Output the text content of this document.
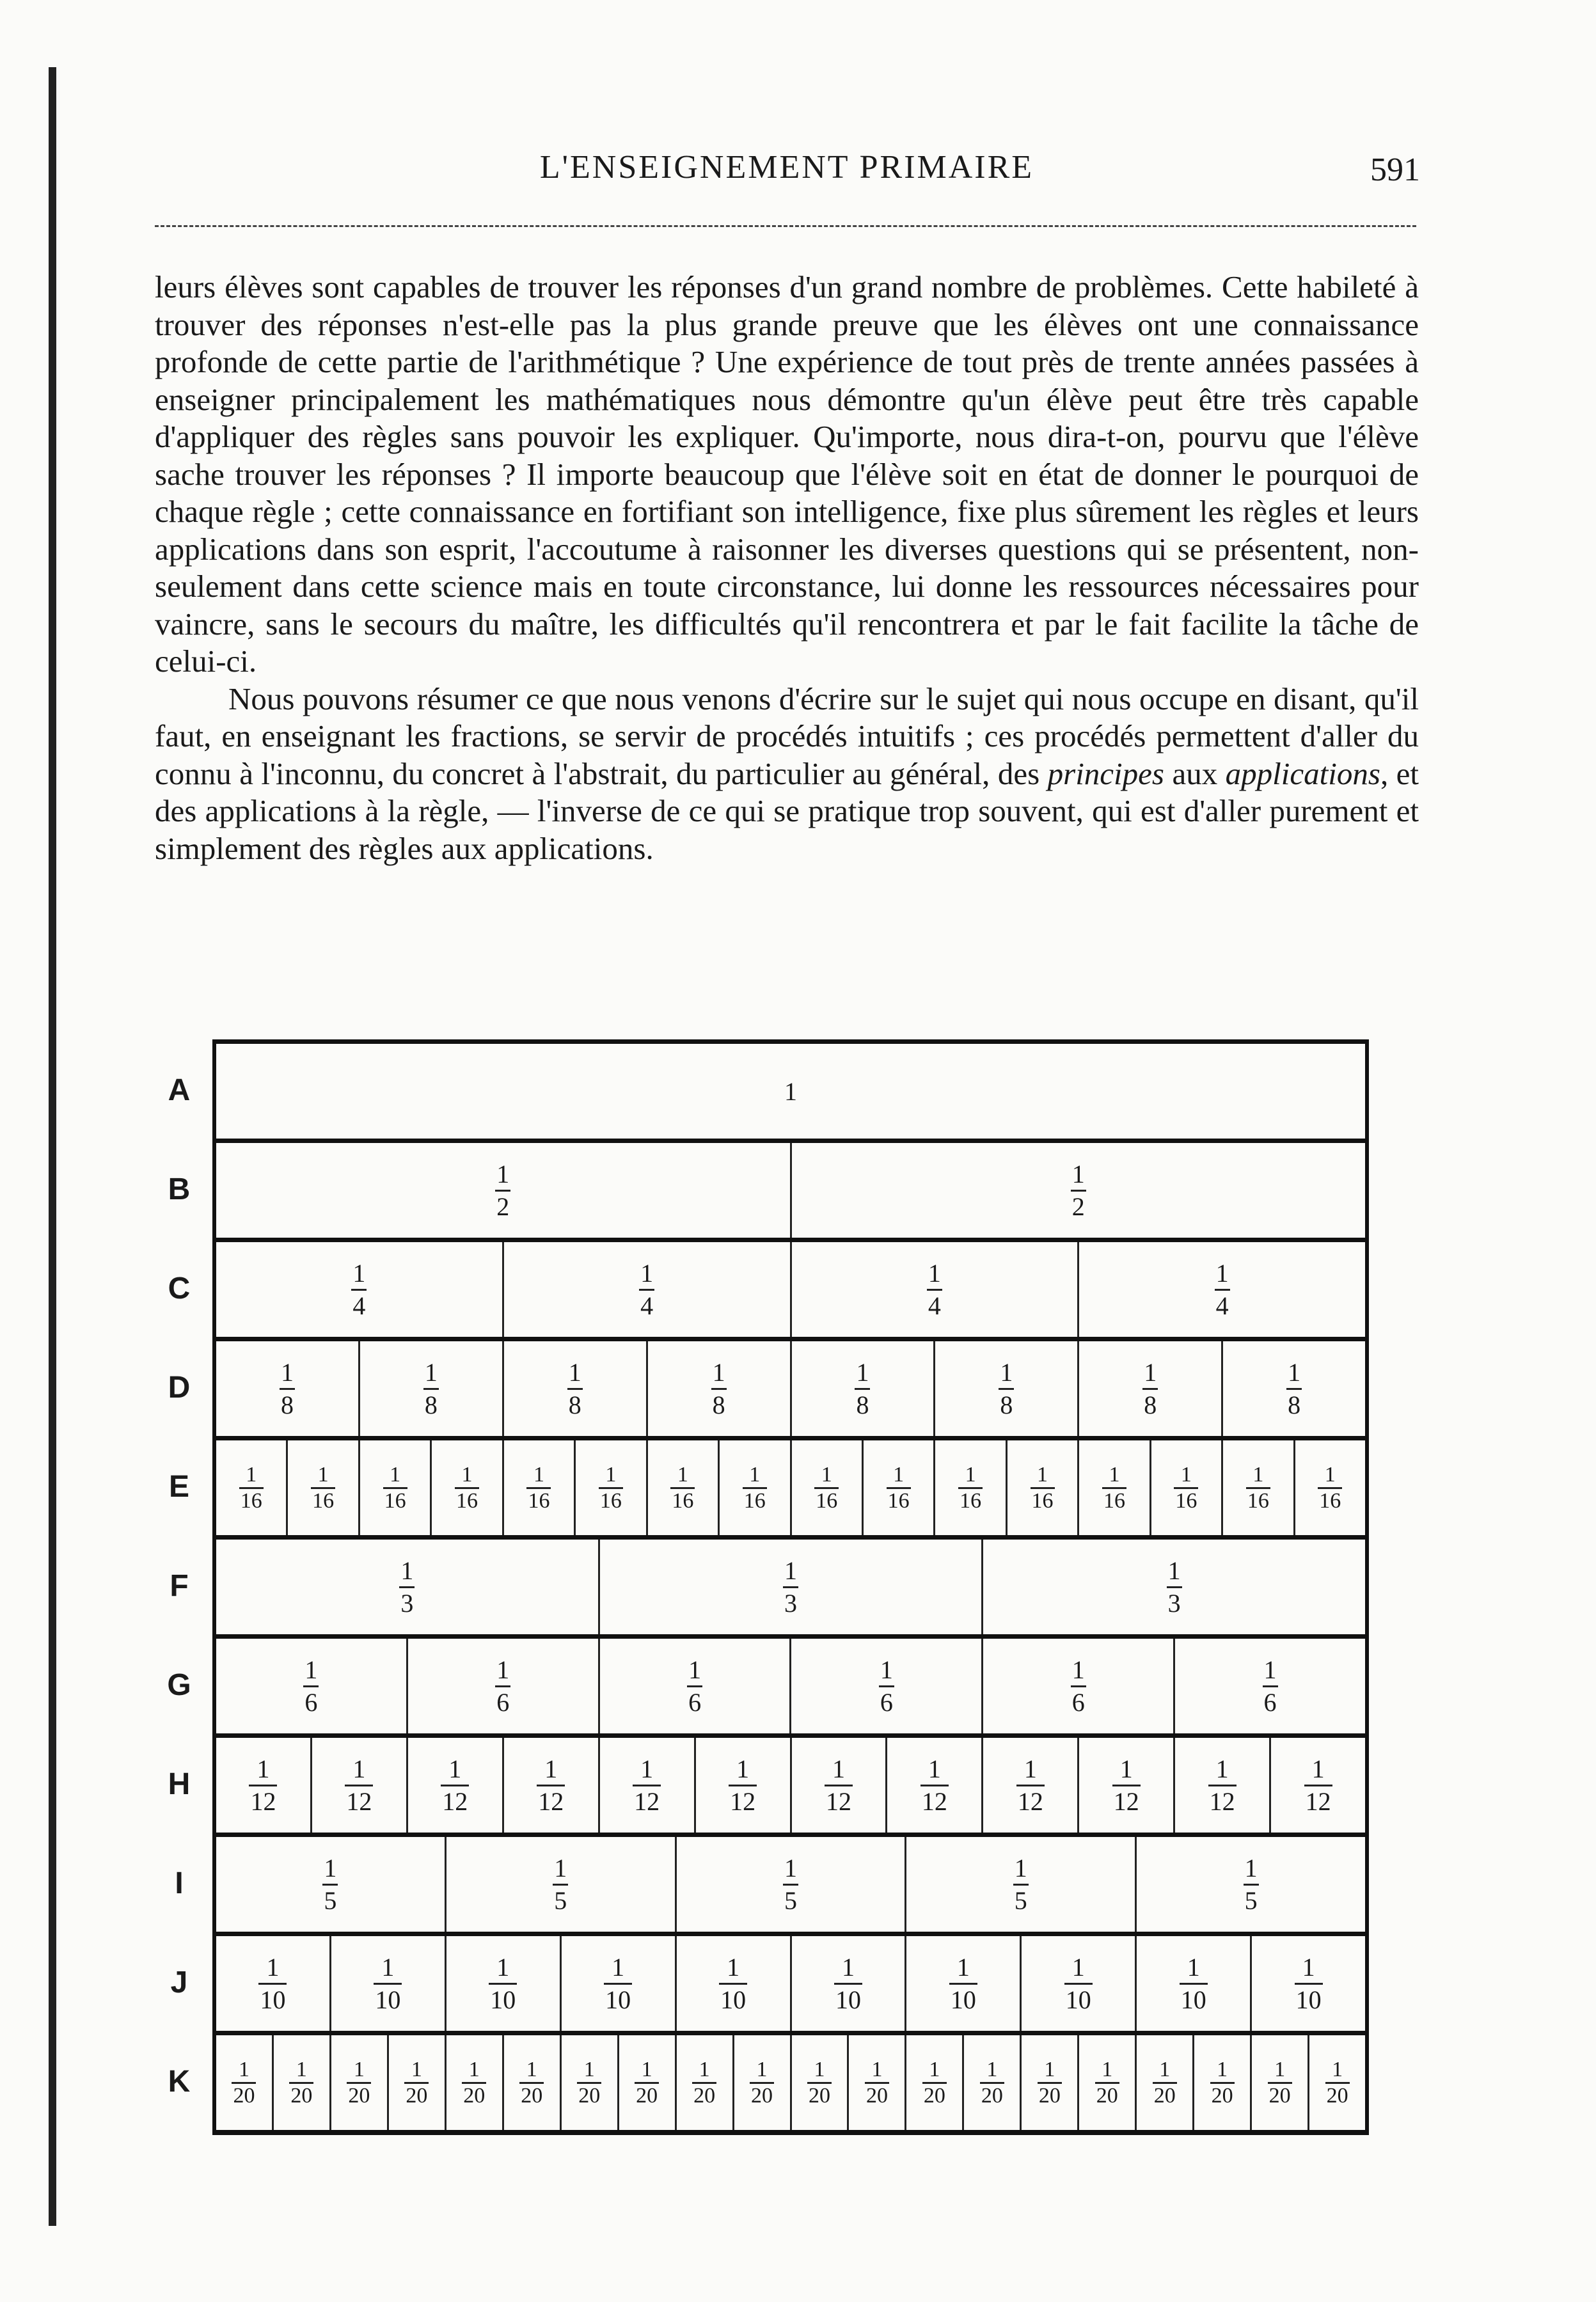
L'ENSEIGNEMENT PRIMAIRE	591

leurs élèves sont capables de trouver les réponses d'un grand nombre de problèmes. Cette habileté à trouver des réponses n'est-elle pas la plus grande preuve que les élèves ont une connaissance profonde de cette partie de l'arithmétique ? Une expérience de tout près de trente années passées à enseigner principalement les mathématiques nous démontre qu'un élève peut être très capable d'appliquer des règles sans pouvoir les expliquer. Qu'importe, nous dira-t-on, pourvu que l'élève sache trouver les réponses ? Il importe beaucoup que l'élève soit en état de donner le pourquoi de chaque règle ; cette connaissance en fortifiant son intelligence, fixe plus sûrement les règles et leurs applications dans son esprit, l'accoutume à raisonner les diverses questions qui se présentent, non-seulement dans cette science mais en toute circonstance, lui donne les ressources nécessaires pour vaincre, sans le secours du maître, les difficultés qu'il rencontrera et par le fait facilite la tâche de celui-ci.

Nous pouvons résumer ce que nous venons d'écrire sur le sujet qui nous occupe en disant, qu'il faut, en enseignant les fractions, se servir de procédés intuitifs ; ces procédés permettent d'aller du connu à l'inconnu, du concret à l'abstrait, du particulier au général, des principes aux applications, et des applications à la règle, — l'inverse de ce qui se pratique trop souvent, qui est d'aller purement et simplement des règles aux applications.

A	1
B	$\frac{1}{2}$	$\frac{1}{2}$
C	$\frac{1}{4}$	$\frac{1}{4}$	$\frac{1}{4}$	$\frac{1}{4}$
D	$\frac{1}{8}$	$\frac{1}{8}$	$\frac{1}{8}$	$\frac{1}{8}$	$\frac{1}{8}$	$\frac{1}{8}$	$\frac{1}{8}$	$\frac{1}{8}$
E	$\frac{1}{16} \frac{1}{16} \frac{1}{16} \frac{1}{16} \frac{1}{16} \frac{1}{16} \frac{1}{16} \frac{1}{16} \frac{1}{16} \frac{1}{16} \frac{1}{16} \frac{1}{16} \frac{1}{16} \frac{1}{16} \frac{1}{16} \frac{1}{16}$
F	$\frac{1}{3}$	$\frac{1}{3}$	$\frac{1}{3}$
G	$\frac{1}{6}$	$\frac{1}{6}$	$\frac{1}{6}$	$\frac{1}{6}$	$\frac{1}{6}$	$\frac{1}{6}$
H	$\frac{1}{12}$	$\frac{1}{12}$	$\frac{1}{12}$	$\frac{1}{12}$	$\frac{1}{12}$	$\frac{1}{12}$	$\frac{1}{12}$	$\frac{1}{12}$	$\frac{1}{12}$	$\frac{1}{12}$	$\frac{1}{12}$	$\frac{1}{12}$
I	$\frac{1}{5}$	$\frac{1}{5}$	$\frac{1}{5}$	$\frac{1}{5}$	$\frac{1}{5}$
J	$\frac{1}{10}$	$\frac{1}{10}$	$\frac{1}{10}$	$\frac{1}{10}$	$\frac{1}{10}$	$\frac{1}{10}$	$\frac{1}{10}$	$\frac{1}{10}$	$\frac{1}{10}$	$\frac{1}{10}$
K	$\frac{1}{20} \frac{1}{20} \frac{1}{20} \frac{1}{20} \frac{1}{20} \frac{1}{20} \frac{1}{20} \frac{1}{20} \frac{1}{20} \frac{1}{20} \frac{1}{20} \frac{1}{20} \frac{1}{20} \frac{1}{20} \frac{1}{20} \frac{1}{20} \frac{1}{20} \frac{1}{20} \frac{1}{20} \frac{1}{20}$
